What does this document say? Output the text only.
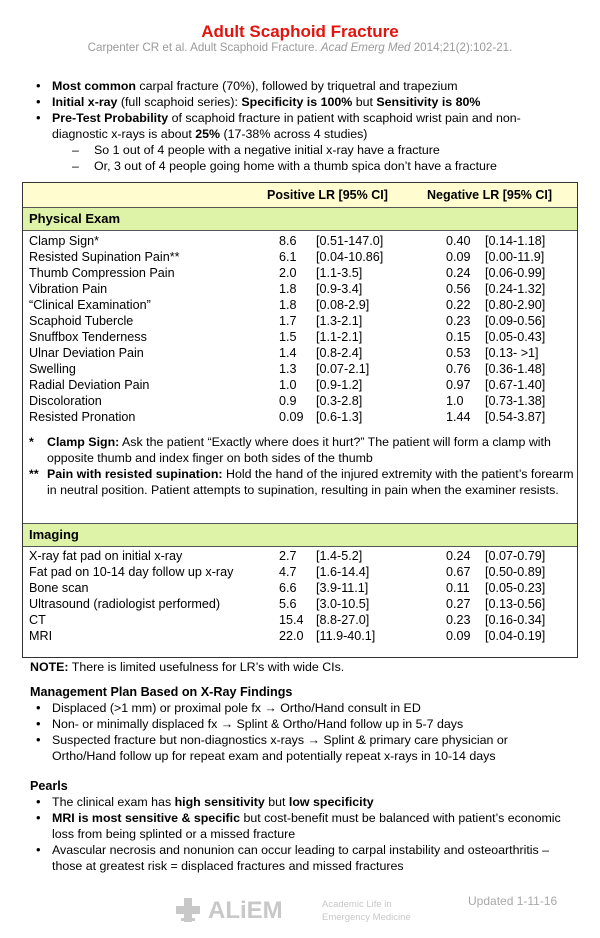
Adult Scaphoid Fracture
Carpenter CR et al. Adult Scaphoid Fracture. Acad Emerg Med 2014;21(2):102-21.
• Most common carpal fracture (70%), followed by triquetral and trapezium
• Initial x-ray (full scaphoid series): Specificity is 100% but Sensitivity is 80%
• Pre-Test Probability of scaphoid fracture in patient with scaphoid wrist pain and non-diagnostic x-rays is about 25% (17-38% across 4 studies)
– So 1 out of 4 people with a negative initial x-ray have a fracture
– Or, 3 out of 4 people going home with a thumb spica don’t have a fracture
Positive LR [95% CI]	Negative LR [95% CI]
Physical Exam
Clamp Sign*	8.6 [0.51-147.0]	0.40 [0.14-1.18]
Resisted Supination Pain**	6.1 [0.04-10.86]	0.09 [0.00-11.9]
Thumb Compression Pain	2.0 [1.1-3.5]	0.24 [0.06-0.99]
Vibration Pain	1.8 [0.9-3.4]	0.56 [0.24-1.32]
“Clinical Examination”	1.8 [0.08-2.9]	0.22 [0.80-2.90]
Scaphoid Tubercle	1.7 [1.3-2.1]	0.23 [0.09-0.56]
Snuffbox Tenderness	1.5 [1.1-2.1]	0.15 [0.05-0.43]
Ulnar Deviation Pain	1.4 [0.8-2.4]	0.53 [0.13- >1]
Swelling	1.3 [0.07-2.1]	0.76 [0.36-1.48]
Radial Deviation Pain	1.0 [0.9-1.2]	0.97 [0.67-1.40]
Discoloration	0.9 [0.3-2.8]	1.0 [0.73-1.38]
Resisted Pronation	0.09 [0.6-1.3]	1.44 [0.54-3.87]
* Clamp Sign: Ask the patient “Exactly where does it hurt?” The patient will form a clamp with opposite thumb and index finger on both sides of the thumb
** Pain with resisted supination: Hold the hand of the injured extremity with the patient’s forearm in neutral position. Patient attempts to supination, resulting in pain when the examiner resists.
Imaging
X-ray fat pad on initial x-ray	2.7 [1.4-5.2]	0.24 [0.07-0.79]
Fat pad on 10-14 day follow up x-ray	4.7 [1.6-14.4]	0.67 [0.50-0.89]
Bone scan	6.6 [3.9-11.1]	0.11 [0.05-0.23]
Ultrasound (radiologist performed)	5.6 [3.0-10.5]	0.27 [0.13-0.56]
CT	15.4 [8.8-27.0]	0.23 [0.16-0.34]
MRI	22.0 [11.9-40.1]	0.09 [0.04-0.19]
NOTE: There is limited usefulness for LR’s with wide CIs.
Management Plan Based on X-Ray Findings
• Displaced (>1 mm) or proximal pole fx → Ortho/Hand consult in ED
• Non- or minimally displaced fx → Splint & Ortho/Hand follow up in 5-7 days
• Suspected fracture but non-diagnostics x-rays → Splint & primary care physician or Ortho/Hand follow up for repeat exam and potentially repeat x-rays in 10-14 days
Pearls
• The clinical exam has high sensitivity but low specificity
• MRI is most sensitive & specific but cost-benefit must be balanced with patient’s economic loss from being splinted or a missed fracture
• Avascular necrosis and nonunion can occur leading to carpal instability and osteoarthritis – those at greatest risk = displaced fractures and missed fractures
ALiEM	Academic Life in
Emergency Medicine
Updated 1-11-16
